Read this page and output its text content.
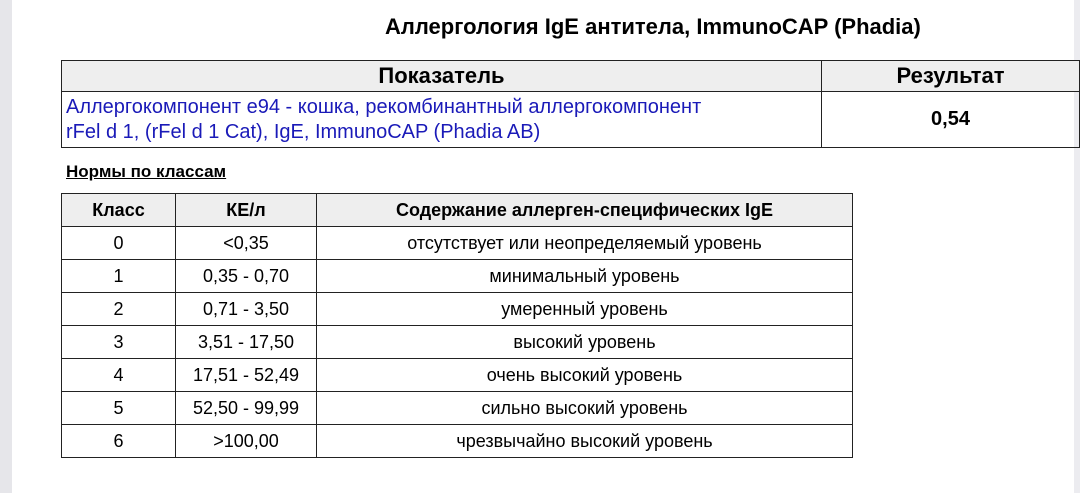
Аллергология IgE антитела, ImmunoCAP (Phadia)
Показатель	Результат

Аллергокомпонент e94 - кошка, рекомбинантный аллергокомпонент
rFel d 1, (rFel d 1 Cat), IgE, ImmunoCAP (Phadia AB)	0,54
Нормы по классам
Класс	КЕ/л	Содержание аллерген-специфических IgE
0	<0,35	отсутствует или неопределяемый уровень
1	0,35 - 0,70	минимальный уровень
2	0,71 - 3,50	умеренный уровень
3	3,51 - 17,50	высокий уровень
4	17,51 - 52,49	очень высокий уровень
5	52,50 - 99,99	сильно высокий уровень
6	>100,00	чрезвычайно высокий уровень
